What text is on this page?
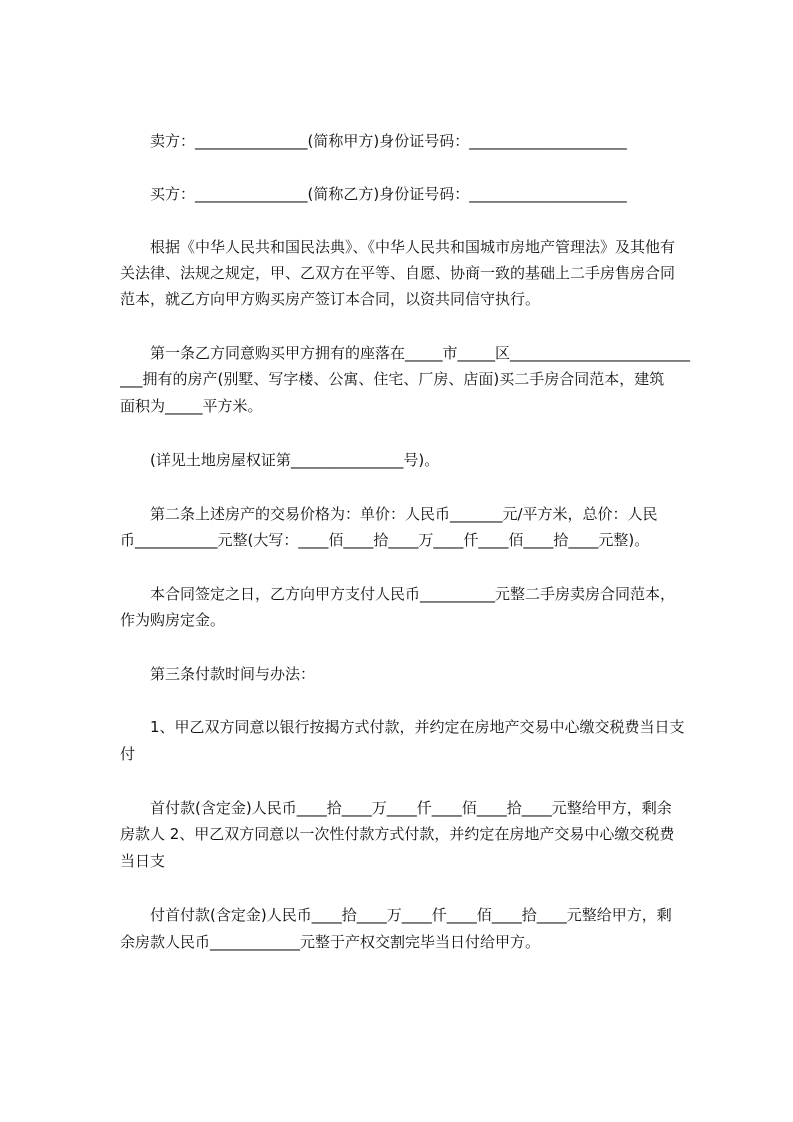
　　卖方：_______________(简称甲方)身份证号码：_____________________
　　买方：_______________(简称乙方)身份证号码：_____________________
　　根据《中华人民共和国民法典》、《中华人民共和国城市房地产管理法》及其他有
关法律、法规之规定，甲、乙双方在平等、自愿、协商一致的基础上二手房售房合同
范本，就乙方向甲方购买房产签订本合同，以资共同信守执行。
　　第一条乙方同意购买甲方拥有的座落在_____市_____区________________________
___拥有的房产(别墅、写字楼、公寓、住宅、厂房、店面)买二手房合同范本，建筑
面积为_____平方米。
　　(详见土地房屋权证第_______________号)。
　　第二条上述房产的交易价格为：单价：人民币_______元/平方米，总价：人民
币___________元整(大写：____佰____拾____万____仟____佰____拾____元整)。
　　本合同签定之日，乙方向甲方支付人民币__________元整二手房卖房合同范本，
作为购房定金。
　　第三条付款时间与办法：
　　1、甲乙双方同意以银行按揭方式付款，并约定在房地产交易中心缴交税费当日支
付
　　首付款(含定金)人民币____拾____万____仟____佰____拾____元整给甲方，剩余
房款人 2、甲乙双方同意以一次性付款方式付款，并约定在房地产交易中心缴交税费
当日支
　　付首付款(含定金)人民币____拾____万____仟____佰____拾____元整给甲方，剩
余房款人民币____________元整于产权交割完毕当日付给甲方。
